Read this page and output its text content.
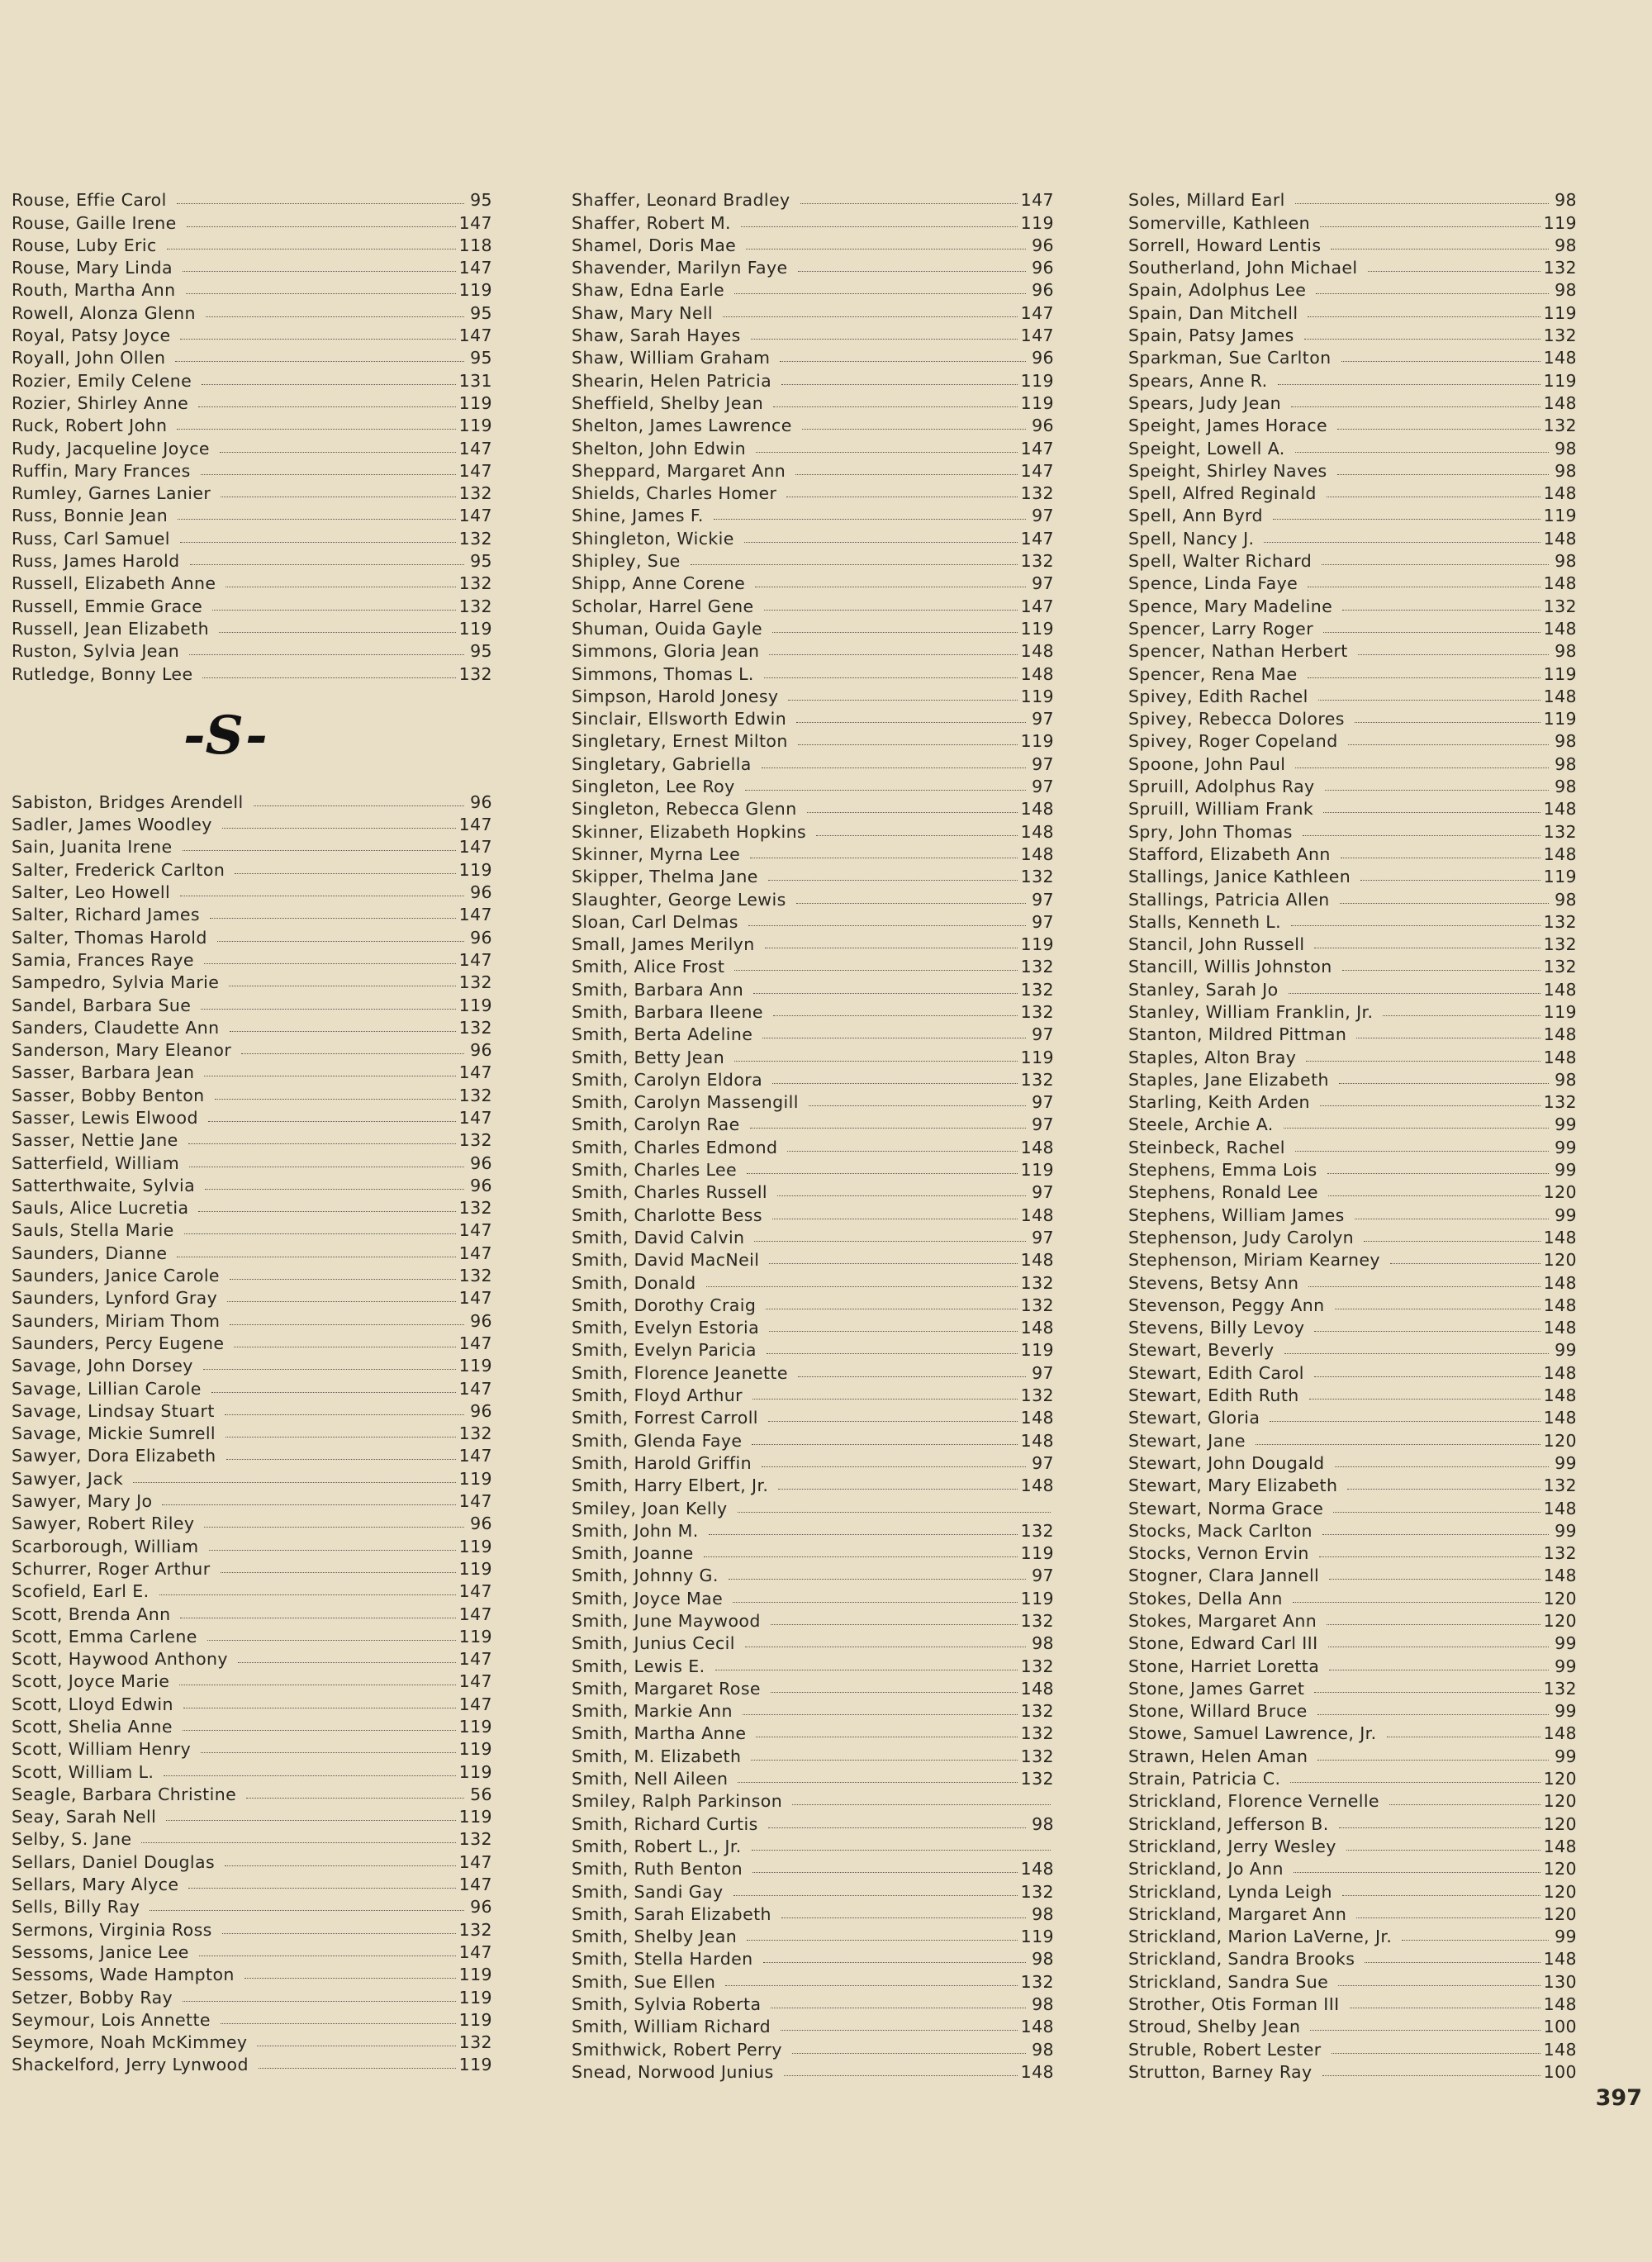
Rouse, Effie Carol	95
Rouse, Gaille Irene	147
Rouse, Luby Eric	118
Rouse, Mary Linda	147
Routh, Martha Ann	119
Rowell, Alonza Glenn	95
Royal, Patsy Joyce	147
Royall, John Ollen	95
Rozier, Emily Celene	131
Rozier, Shirley Anne	119
Ruck, Robert John	119
Rudy, Jacqueline Joyce	147
Ruffin, Mary Frances	147
Rumley, Garnes Lanier	132
Russ, Bonnie Jean	147
Russ, Carl Samuel	132
Russ, James Harold	95
Russell, Elizabeth Anne	132
Russell, Emmie Grace	132
Russell, Jean Elizabeth	119
Ruston, Sylvia Jean	95
Rutledge, Bonny Lee	132
-S-
Sabiston, Bridges Arendell	96
Sadler, James Woodley	147
Sain, Juanita Irene	147
Salter, Frederick Carlton	119
Salter, Leo Howell	96
Salter, Richard James	147
Salter, Thomas Harold	96
Samia, Frances Raye	147
Sampedro, Sylvia Marie	132
Sandel, Barbara Sue	119
Sanders, Claudette Ann	132
Sanderson, Mary Eleanor	96
Sasser, Barbara Jean	147
Sasser, Bobby Benton	132
Sasser, Lewis Elwood	147
Sasser, Nettie Jane	132
Satterfield, William	96
Satterthwaite, Sylvia	96
Sauls, Alice Lucretia	132
Sauls, Stella Marie	147
Saunders, Dianne	147
Saunders, Janice Carole	132
Saunders, Lynford Gray	147
Saunders, Miriam Thom	96
Saunders, Percy Eugene	147
Savage, John Dorsey	119
Savage, Lillian Carole	147
Savage, Lindsay Stuart	96
Savage, Mickie Sumrell	132
Sawyer, Dora Elizabeth	147
Sawyer, Jack	119
Sawyer, Mary Jo	147
Sawyer, Robert Riley	96
Scarborough, William	119
Schurrer, Roger Arthur	119
Scofield, Earl E.	147
Scott, Brenda Ann	147
Scott, Emma Carlene	119
Scott, Haywood Anthony	147
Scott, Joyce Marie	147
Scott, Lloyd Edwin	147
Scott, Shelia Anne	119
Scott, William Henry	119
Scott, William L.	119
Seagle, Barbara Christine	56
Seay, Sarah Nell	119
Selby, S. Jane	132
Sellars, Daniel Douglas	147
Sellars, Mary Alyce	147
Sells, Billy Ray	96
Sermons, Virginia Ross	132
Sessoms, Janice Lee	147
Sessoms, Wade Hampton	119
Setzer, Bobby Ray	119
Seymour, Lois Annette	119
Seymore, Noah McKimmey	132
Shackelford, Jerry Lynwood	119
Shaffer, Leonard Bradley	147
Shaffer, Robert M.	119
Shamel, Doris Mae	96
Shavender, Marilyn Faye	96
Shaw, Edna Earle	96
Shaw, Mary Nell	147
Shaw, Sarah Hayes	147
Shaw, William Graham	96
Shearin, Helen Patricia	119
Sheffield, Shelby Jean	119
Shelton, James Lawrence	96
Shelton, John Edwin	147
Sheppard, Margaret Ann	147
Shields, Charles Homer	132
Shine, James F.	97
Shingleton, Wickie	147
Shipley, Sue	132
Shipp, Anne Corene	97
Scholar, Harrel Gene	147
Shuman, Ouida Gayle	119
Simmons, Gloria Jean	148
Simmons, Thomas L.	148
Simpson, Harold Jonesy	119
Sinclair, Ellsworth Edwin	97
Singletary, Ernest Milton	119
Singletary, Gabriella	97
Singleton, Lee Roy	97
Singleton, Rebecca Glenn	148
Skinner, Elizabeth Hopkins	148
Skinner, Myrna Lee	148
Skipper, Thelma Jane	132
Slaughter, George Lewis	97
Sloan, Carl Delmas	97
Small, James Merilyn	119
Smith, Alice Frost	132
Smith, Barbara Ann	132
Smith, Barbara Ileene	132
Smith, Berta Adeline	97
Smith, Betty Jean	119
Smith, Carolyn Eldora	132
Smith, Carolyn Massengill	97
Smith, Carolyn Rae	97
Smith, Charles Edmond	148
Smith, Charles Lee	119
Smith, Charles Russell	97
Smith, Charlotte Bess	148
Smith, David Calvin	97
Smith, David MacNeil	148
Smith, Donald	132
Smith, Dorothy Craig	132
Smith, Evelyn Estoria	148
Smith, Evelyn Paricia	119
Smith, Florence Jeanette	97
Smith, Floyd Arthur	132
Smith, Forrest Carroll	148
Smith, Glenda Faye	148
Smith, Harold Griffin	97
Smith, Harry Elbert, Jr.	148
Smiley, Joan Kelly
Smith, John M.	132
Smith, Joanne	119
Smith, Johnny G.	97
Smith, Joyce Mae	119
Smith, June Maywood	132
Smith, Junius Cecil	98
Smith, Lewis E.	132
Smith, Margaret Rose	148
Smith, Markie Ann	132
Smith, Martha Anne	132
Smith, M. Elizabeth	132
Smith, Nell Aileen	132
Smiley, Ralph Parkinson
Smith, Richard Curtis	98
Smith, Robert L., Jr.
Smith, Ruth Benton	148
Smith, Sandi Gay	132
Smith, Sarah Elizabeth	98
Smith, Shelby Jean	119
Smith, Stella Harden	98
Smith, Sue Ellen	132
Smith, Sylvia Roberta	98
Smith, William Richard	148
Smithwick, Robert Perry	98
Snead, Norwood Junius	148
Soles, Millard Earl	98
Somerville, Kathleen	119
Sorrell, Howard Lentis	98
Southerland, John Michael	132
Spain, Adolphus Lee	98
Spain, Dan Mitchell	119
Spain, Patsy James	132
Sparkman, Sue Carlton	148
Spears, Anne R.	119
Spears, Judy Jean	148
Speight, James Horace	132
Speight, Lowell A.	98
Speight, Shirley Naves	98
Spell, Alfred Reginald	148
Spell, Ann Byrd	119
Spell, Nancy J.	148
Spell, Walter Richard	98
Spence, Linda Faye	148
Spence, Mary Madeline	132
Spencer, Larry Roger	148
Spencer, Nathan Herbert	98
Spencer, Rena Mae	119
Spivey, Edith Rachel	148
Spivey, Rebecca Dolores	119
Spivey, Roger Copeland	98
Spoone, John Paul	98
Spruill, Adolphus Ray	98
Spruill, William Frank	148
Spry, John Thomas	132
Stafford, Elizabeth Ann	148
Stallings, Janice Kathleen	119
Stallings, Patricia Allen	98
Stalls, Kenneth L.	132
Stancil, John Russell	132
Stancill, Willis Johnston	132
Stanley, Sarah Jo	148
Stanley, William Franklin, Jr.	119
Stanton, Mildred Pittman	148
Staples, Alton Bray	148
Staples, Jane Elizabeth	98
Starling, Keith Arden	132
Steele, Archie A.	99
Steinbeck, Rachel	99
Stephens, Emma Lois	99
Stephens, Ronald Lee	120
Stephens, William James	99
Stephenson, Judy Carolyn	148
Stephenson, Miriam Kearney	120
Stevens, Betsy Ann	148
Stevenson, Peggy Ann	148
Stevens, Billy Levoy	148
Stewart, Beverly	99
Stewart, Edith Carol	148
Stewart, Edith Ruth	148
Stewart, Gloria	148
Stewart, Jane	120
Stewart, John Dougald	99
Stewart, Mary Elizabeth	132
Stewart, Norma Grace	148
Stocks, Mack Carlton	99
Stocks, Vernon Ervin	132
Stogner, Clara Jannell	148
Stokes, Della Ann	120
Stokes, Margaret Ann	120
Stone, Edward Carl III	99
Stone, Harriet Loretta	99
Stone, James Garret	132
Stone, Willard Bruce	99
Stowe, Samuel Lawrence, Jr.	148
Strawn, Helen Aman	99
Strain, Patricia C.	120
Strickland, Florence Vernelle	120
Strickland, Jefferson B.	120
Strickland, Jerry Wesley	148
Strickland, Jo Ann	120
Strickland, Lynda Leigh	120
Strickland, Margaret Ann	120
Strickland, Marion LaVerne, Jr.	99
Strickland, Sandra Brooks	148
Strickland, Sandra Sue	130
Strother, Otis Forman III	148
Stroud, Shelby Jean	100
Struble, Robert Lester	148
Strutton, Barney Ray	100
397
